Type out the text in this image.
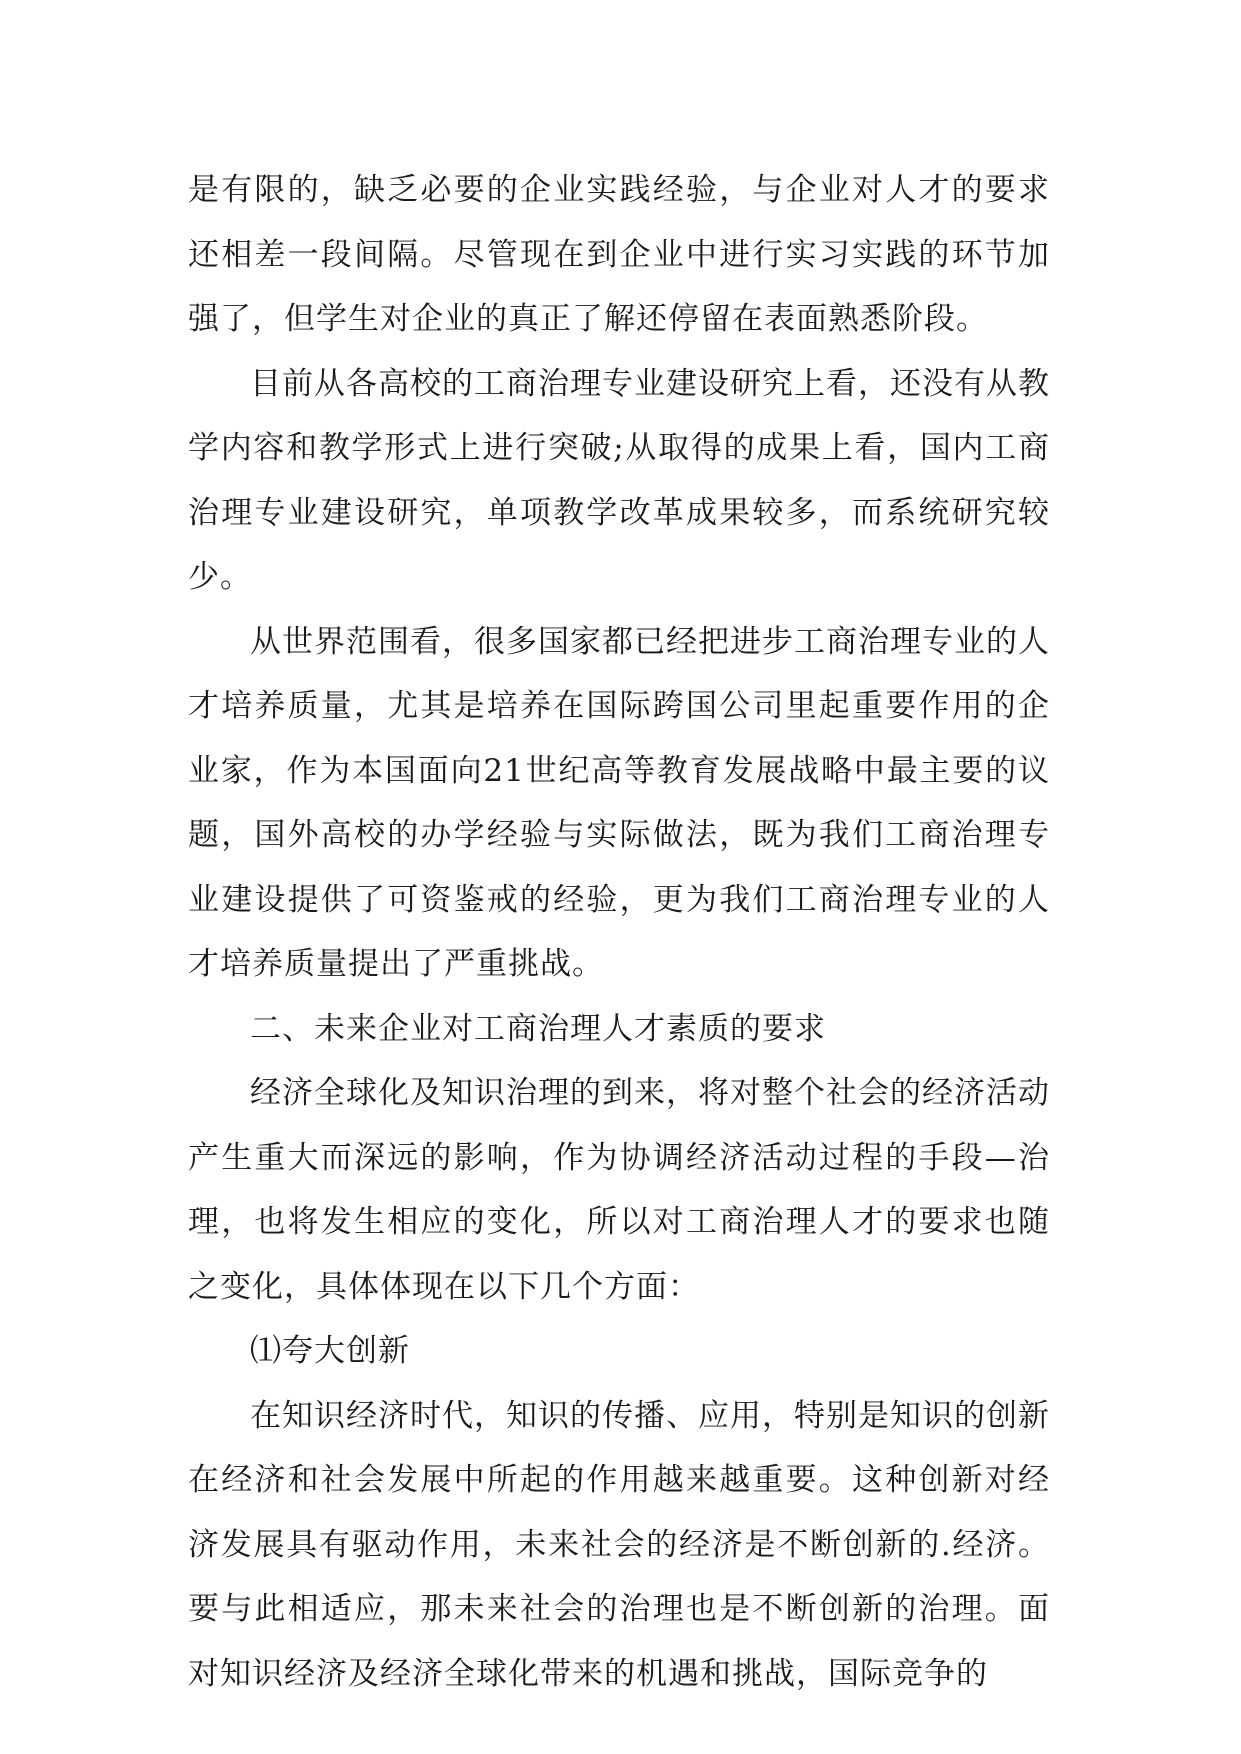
是有限的，缺乏必要的企业实践经验，与企业对人才的要求还相差一段间隔。尽管现在到企业中进行实习实践的环节加强了，但学生对企业的真正了解还停留在表面熟悉阶段。

目前从各高校的工商治理专业建设研究上看，还没有从教学内容和教学形式上进行突破;从取得的成果上看，国内工商治理专业建设研究，单项教学改革成果较多，而系统研究较少。

从世界范围看，很多国家都已经把进步工商治理专业的人才培养质量，尤其是培养在国际跨国公司里起重要作用的企业家，作为本国面向21世纪高等教育发展战略中最主要的议题，国外高校的办学经验与实际做法，既为我们工商治理专业建设提供了可资鉴戒的经验，更为我们工商治理专业的人才培养质量提出了严重挑战。

二、未来企业对工商治理人才素质的要求

经济全球化及知识治理的到来，将对整个社会的经济活动产生重大而深远的影响，作为协调经济活动过程的手段—治理，也将发生相应的变化，所以对工商治理人才的要求也随之变化，具体体现在以下几个方面：

⑴夸大创新

在知识经济时代，知识的传播、应用，特别是知识的创新在经济和社会发展中所起的作用越来越重要。这种创新对经济发展具有驱动作用，未来社会的经济是不断创新的.经济。要与此相适应，那未来社会的治理也是不断创新的治理。面对知识经济及经济全球化带来的机遇和挑战，国际竞争的
